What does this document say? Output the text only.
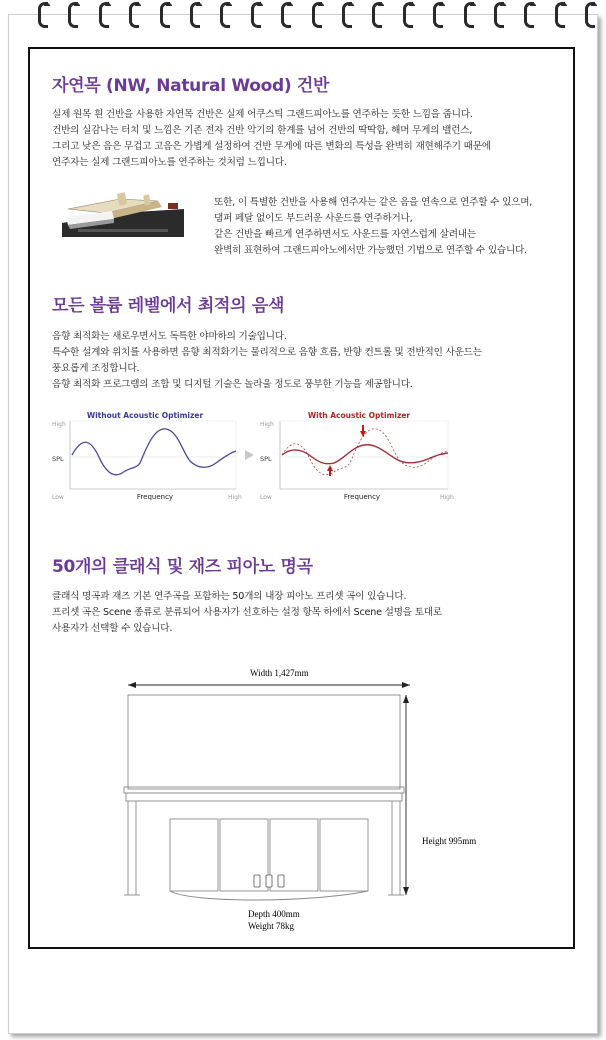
자연목 (NW, Natural Wood) 건반
실제 원목 흰 건반을 사용한 자연목 건반은 실제 어쿠스틱 그랜드피아노를 연주하는 듯한 느낌을 줍니다.
건반의 실감나는 터치 및 느낌은 기존 전자 건반 악기의 한계를 넘어 건반의 딱딱함, 해머 무게의 밸런스,
그리고 낮은 음은 무겁고 고음은 가볍게 설정하여 건반 무게에 따른 변화의 특성을 완벽히 재현해주기 때문에
연주자는 실제 그랜드피아노를 연주하는 것처럼 느낍니다.
또한, 이 특별한 건반을 사용해 연주자는 같은 음을 연속으로 연주할 수 있으며,
댐퍼 페달 없이도 부드러운 사운드를 연주하거나,
같은 건반을 빠르게 연주하면서도 사운드를 자연스럽게 살려내는
완벽히 표현하여 그랜드피아노에서만 가능했던 기법으로 연주할 수 있습니다.
모든 볼륨 레벨에서 최적의 음색
음향 최적화는 새로우면서도 독특한 야마하의 기술입니다.
특수한 설계와 위치를 사용하면 음향 최적화기는 물리적으로 음향 흐름, 반향 컨트롤 및 전반적인 사운드는
풍요롭게 조정합니다.
음향 최적화 프로그램의 조합 및 디지털 기술은 놀라울 정도로 풍부한 기능을 제공합니다.
Without Acoustic Optimizer
High
SPL
Low	High
Frequency
With Acoustic Optimizer
High
SPL
Low	High
Frequency
50개의 클래식 및 재즈 피아노 명곡
클래식 명곡과 재즈 기본 연주곡을 포함하는 50개의 내장 피아노 프리셋 곡이 있습니다.
프리셋 곡은 Scene 종류로 분류되어 사용자가 선호하는 설정 항목 하에서 Scene 설명을 토대로
사용자가 선택할 수 있습니다.
Width 1,427mm
Height 995mm
Depth 400mm
Weight 78kg
